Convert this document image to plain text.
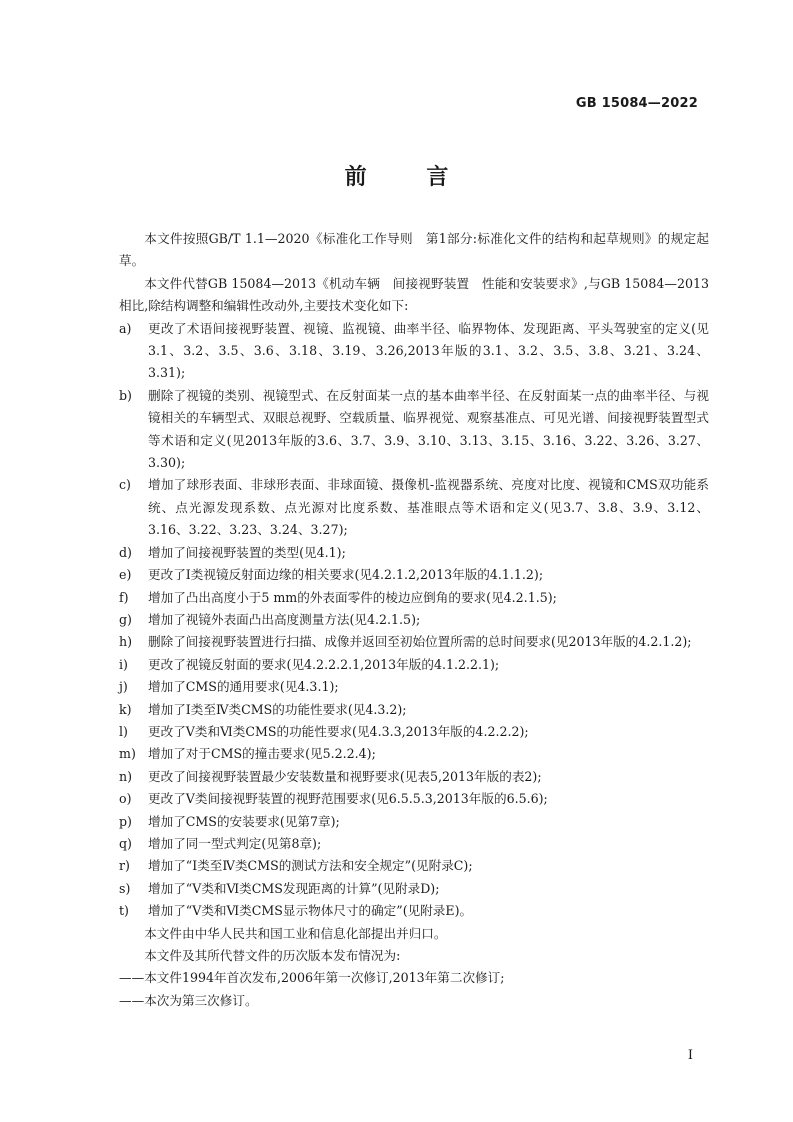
GB 15084—2022
前 言

本文件按照GB/T 1.1—2020《标准化工作导则　第1部分:标准化文件的结构和起草规则》的规定起草。

本文件代替GB 15084—2013《机动车辆　间接视野装置　性能和安装要求》,与GB 15084—2013相比,除结构调整和编辑性改动外,主要技术变化如下:

a)	更改了术语间接视野装置、视镜、监视镜、曲率半径、临界物体、发现距离、平头驾驶室的定义(见3.1、3.2、3.5、3.6、3.18、3.19、3.26,2013年版的3.1、3.2、3.5、3.8、3.21、3.24、3.31);
b)	删除了视镜的类别、视镜型式、在反射面某一点的基本曲率半径、在反射面某一点的曲率半径、与视镜相关的车辆型式、双眼总视野、空载质量、临界视觉、观察基准点、可见光谱、间接视野装置型式等术语和定义(见2013年版的3.6、3.7、3.9、3.10、3.13、3.15、3.16、3.22、3.26、3.27、3.30);
c)	增加了球形表面、非球形表面、非球面镜、摄像机-监视器系统、亮度对比度、视镜和CMS双功能系统、点光源发现系数、点光源对比度系数、基准眼点等术语和定义(见3.7、3.8、3.9、3.12、3.16、3.22、3.23、3.24、3.27);
d)	增加了间接视野装置的类型(见4.1);
e)	更改了Ⅰ类视镜反射面边缘的相关要求(见4.2.1.2,2013年版的4.1.1.2);
f)	增加了凸出高度小于5 mm的外表面零件的棱边应倒角的要求(见4.2.1.5);
g)	增加了视镜外表面凸出高度测量方法(见4.2.1.5);
h)	删除了间接视野装置进行扫描、成像并返回至初始位置所需的总时间要求(见2013年版的4.2.1.2);
i)	更改了视镜反射面的要求(见4.2.2.2.1,2013年版的4.1.2.2.1);
j)	增加了CMS的通用要求(见4.3.1);
k)	增加了Ⅰ类至Ⅳ类CMS的功能性要求(见4.3.2);
l)	更改了Ⅴ类和Ⅵ类CMS的功能性要求(见4.3.3,2013年版的4.2.2.2);
m) 增加了对于CMS的撞击要求(见5.2.2.4);
n)	更改了间接视野装置最少安装数量和视野要求(见表5,2013年版的表2);
o)	更改了Ⅴ类间接视野装置的视野范围要求(见6.5.5.3,2013年版的6.5.6);
p)	增加了CMS的安装要求(见第7章);
q)	增加了同一型式判定(见第8章);
r)	增加了“Ⅰ类至Ⅳ类CMS的测试方法和安全规定”(见附录C);
s)	增加了“Ⅴ类和Ⅵ类CMS发现距离的计算”(见附录D);
t)	增加了“Ⅴ类和Ⅵ类CMS显示物体尺寸的确定”(见附录E)。

本文件由中华人民共和国工业和信息化部提出并归口。

本文件及其所代替文件的历次版本发布情况为:

——本文件1994年首次发布,2006年第一次修订,2013年第二次修订;

——本次为第三次修订。

I
